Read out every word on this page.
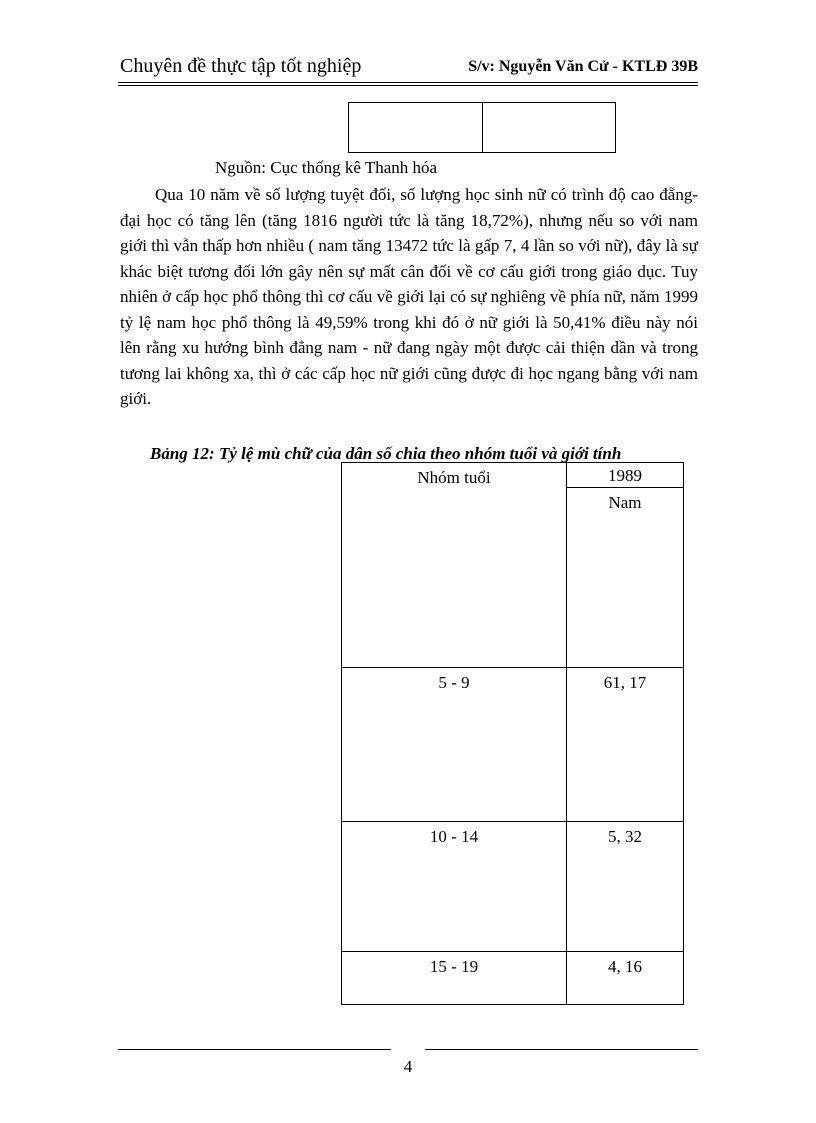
Chuyên đề thực tập tốt nghiệp	S/v: Nguyễn Văn Cử - KTLĐ 39B

Nguồn: Cục thống kê Thanh hóa

Qua 10 năm về số lượng tuyệt đối, số lượng học sinh nữ có trình độ cao đẵng- đại học có tăng lên (tăng 1816 người tức là tăng 18,72%), nhưng nếu so với nam giới thì vẫn thấp hơn nhiều ( nam tăng 13472 tức là gấp 7, 4 lần so với nữ), đây là sự khác biệt tương đối lớn gây nên sự mất cân đối về cơ cấu giới trong giáo dục. Tuy nhiên ở cấp học phổ thông thì cơ cấu về giới lại có sự nghiêng về phía nữ, năm 1999 tỷ lệ nam học phổ thông là 49,59% trong khi đó ở nữ giới là 50,41% điều này nói lên rằng xu hướng bình đẳng nam - nữ đang ngày một được cải thiện dần và trong tương lai không xa, thì ở các cấp học nữ giới cũng được đi học ngang bằng với nam giới.

Bảng 12: Tỷ lệ mù chữ của dân số chia theo nhóm tuổi và giới tính
Nhóm tuổi	1989

	Nam

5 - 9	61, 17

10 - 14	5, 32

15 - 19	4, 16
4
